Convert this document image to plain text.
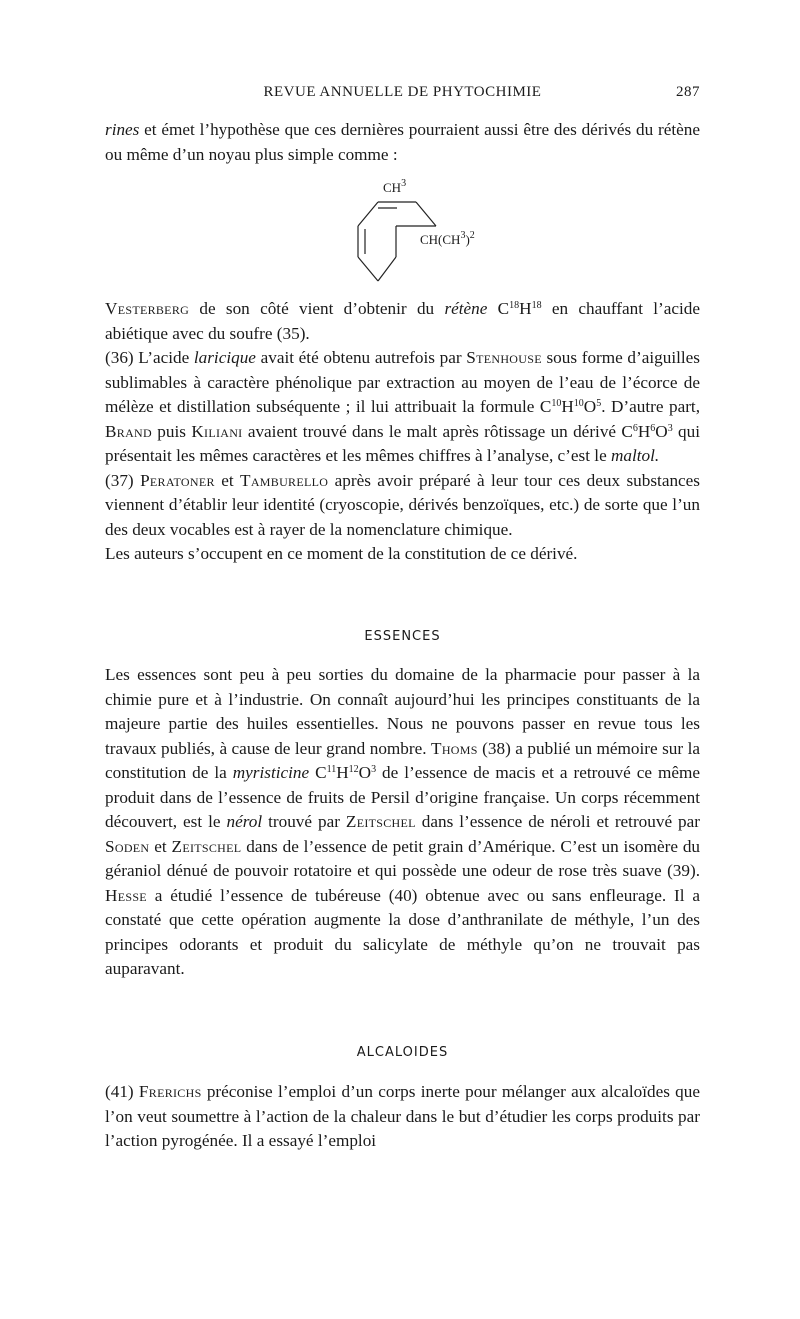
REVUE ANNUELLE DE PHYTOCHIMIE	287

rines et émet l’hypothèse que ces dernières pourraient aussi être des dérivés du rétène ou même d’un noyau plus simple comme :

$CH^3$
$CH(CH^3)^2$

Vesterberg de son côté vient d’obtenir du rétène $C^{18}H^{18}$ en chauffant l’acide abiétique avec du soufre (35).

(36) L’acide laricique avait été obtenu autrefois par Stenhouse sous forme d’aiguilles sublimables à caractère phénolique par extraction au moyen de l’eau de l’écorce de mélèze et distillation subséquente ; il lui attribuait la formule $C^{10}H^{10}O^5$. D’autre part, Brand puis Kiliani avaient trouvé dans le malt après rôtissage un dérivé $C^6H^6O^3$ qui présentait les mêmes caractères et les mêmes chiffres à l’analyse, c’est le maltol.

(37) Peratoner et Tamburello après avoir préparé à leur tour ces deux substances viennent d’établir leur identité (cryoscopie, dérivés benzoïques, etc.) de sorte que l’un des deux vocables est à rayer de la nomenclature chimique.

Les auteurs s’occupent en ce moment de la constitution de ce dérivé.

ESSENCES

Les essences sont peu à peu sorties du domaine de la pharmacie pour passer à la chimie pure et à l’industrie. On connaît aujourd’hui les principes constituants de la majeure partie des huiles essentielles. Nous ne pouvons passer en revue tous les travaux publiés, à cause de leur grand nombre. Thoms (38) a publié un mémoire sur la constitution de la myristicine $C^{11}H^{12}O^3$ de l’essence de macis et a retrouvé ce même produit dans de l’essence de fruits de Persil d’origine française. Un corps récemment découvert, est le nérol trouvé par Zeitschel dans l’essence de néroli et retrouvé par Soden et Zeitschel dans de l’essence de petit grain d’Amérique. C’est un isomère du géraniol dénué de pouvoir rotatoire et qui possède une odeur de rose très suave (39). Hesse a étudié l’essence de tubéreuse (40) obtenue avec ou sans enfleurage. Il a constaté que cette opération augmente la dose d’anthranilate de méthyle, l’un des principes odorants et produit du salicylate de méthyle qu’on ne trouvait pas auparavant.

ALCALOIDES

(41) Frerichs préconise l’emploi d’un corps inerte pour mélanger aux alcaloïdes que l’on veut soumettre à l’action de la chaleur dans le but d’étudier les corps produits par l’action pyrogénée. Il a essayé l’emploi
